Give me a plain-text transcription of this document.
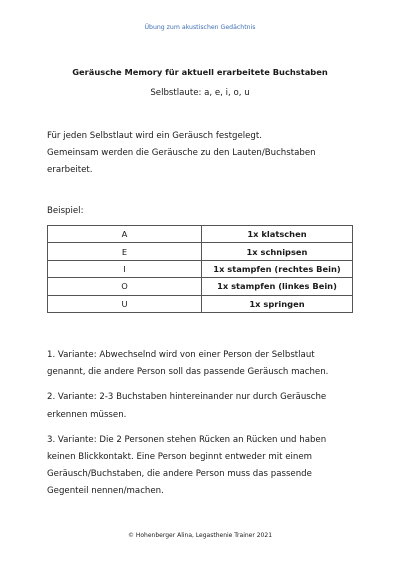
Übung zum akustischen Gedächtnis
Geräusche Memory für aktuell erarbeitete Buchstaben
Selbstlaute: a, e, i, o, u
Für jeden Selbstlaut wird ein Geräusch festgelegt.
Gemeinsam werden die Geräusche zu den Lauten/Buchstaben
erarbeitet.
Beispiel:
A	1x klatschen
E	1x schnipsen
I	1x stampfen (rechtes Bein)
O	1x stampfen (linkes Bein)
U	1x springen
1. Variante: Abwechselnd wird von einer Person der Selbstlaut
genannt, die andere Person soll das passende Geräusch machen.
2. Variante: 2-3 Buchstaben hintereinander nur durch Geräusche
erkennen müssen.
3. Variante: Die 2 Personen stehen Rücken an Rücken und haben
keinen Blickkontakt. Eine Person beginnt entweder mit einem
Geräusch/Buchstaben, die andere Person muss das passende
Gegenteil nennen/machen.
© Hohenberger Alina, Legasthenie Trainer 2021
